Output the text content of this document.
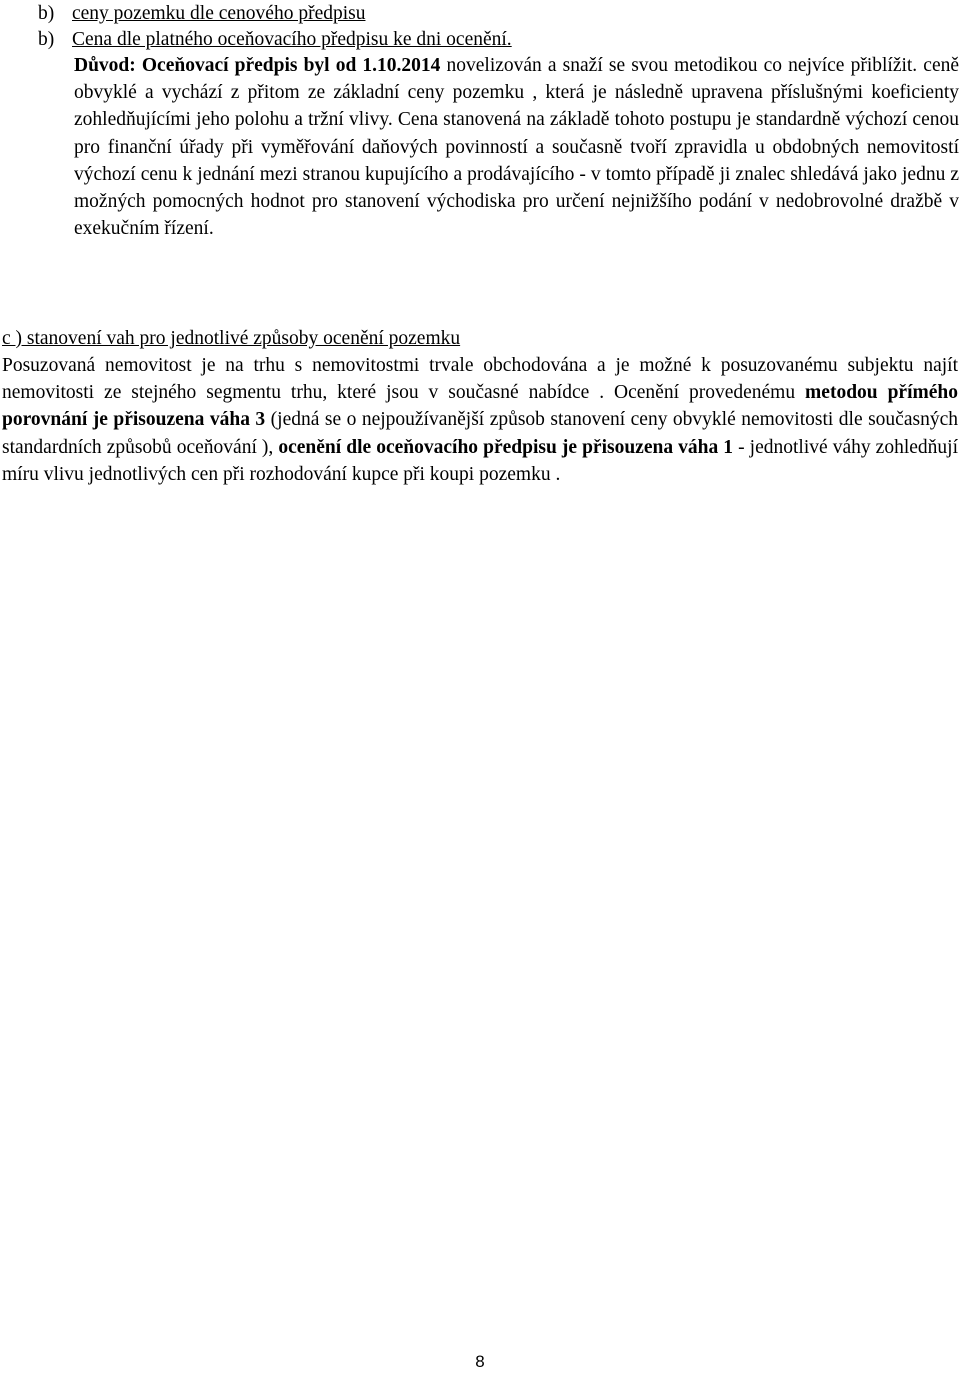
b) ceny pozemku dle cenového předpisu
b) Cena dle platného oceňovacího předpisu ke dni ocenění.
Důvod: Oceňovací předpis byl od 1.10.2014 novelizován a snaží se svou metodikou co nejvíce přiblížit. ceně obvyklé a vychází z přitom ze základní ceny pozemku , která je následně upravena příslušnými koeficienty zohledňujícími jeho polohu a tržní vlivy. Cena stanovená na základě tohoto postupu je standardně výchozí cenou pro finanční úřady při vyměřování daňových povinností a současně tvoří zpravidla u obdobných nemovitostí výchozí cenu k jednání mezi stranou kupujícího a prodávajícího - v tomto případě ji znalec shledává jako jednu z možných pomocných hodnot pro stanovení východiska pro určení nejnižšího podání v nedobrovolné dražbě v exekučním řízení.
c ) stanovení vah pro jednotlivé způsoby ocenění pozemku
Posuzovaná nemovitost je na trhu s nemovitostmi trvale obchodována a je možné k posuzovanému subjektu najít nemovitosti ze stejného segmentu trhu, které jsou v současné nabídce . Ocenění provedenému metodou přímého porovnání je přisouzena váha 3 (jedná se o nejpoužívanější způsob stanovení ceny obvyklé nemovitosti dle současných standardních způsobů oceňování ), ocenění dle oceňovacího předpisu je přisouzena váha 1 - jednotlivé váhy zohledňují míru vlivu jednotlivých cen při rozhodování kupce při koupi pozemku .
8
